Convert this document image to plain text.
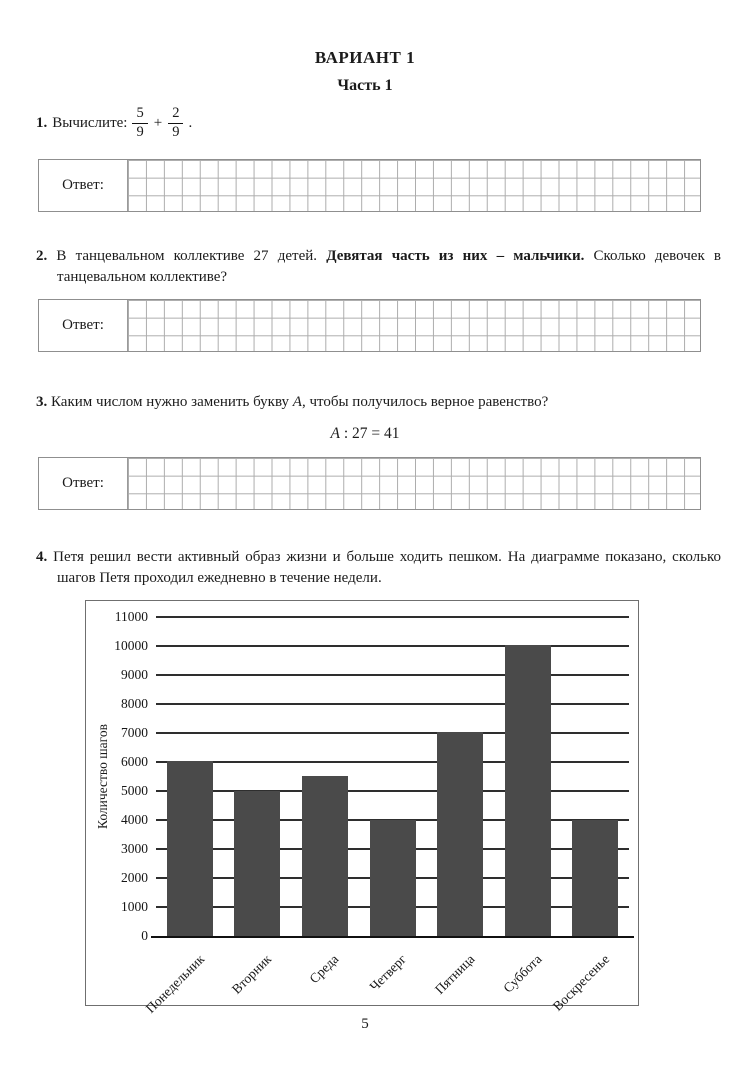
ВАРИАНТ 1
Часть 1
1. Вычислите: $\frac{5}{9} + \frac{2}{9}$ .
Ответ:
2. В танцевальном коллективе 27 детей. Девятая часть из них – мальчики. Сколько девочек в танцевальном коллективе?
Ответ:
3. Каким числом нужно заменить букву А, чтобы получилось верное равенство?
А : 27 = 41
Ответ:
4. Петя решил вести активный образ жизни и больше ходить пешком. На диаграмме показано, сколько шагов Петя проходил ежедневно в течение недели.
Количество шагов
Понедельник Вторник Среда Четверг Пятница Суббота Воскресенье
0
1000
2000
3000
4000
5000
6000
7000
8000
9000
10000
11000
5
